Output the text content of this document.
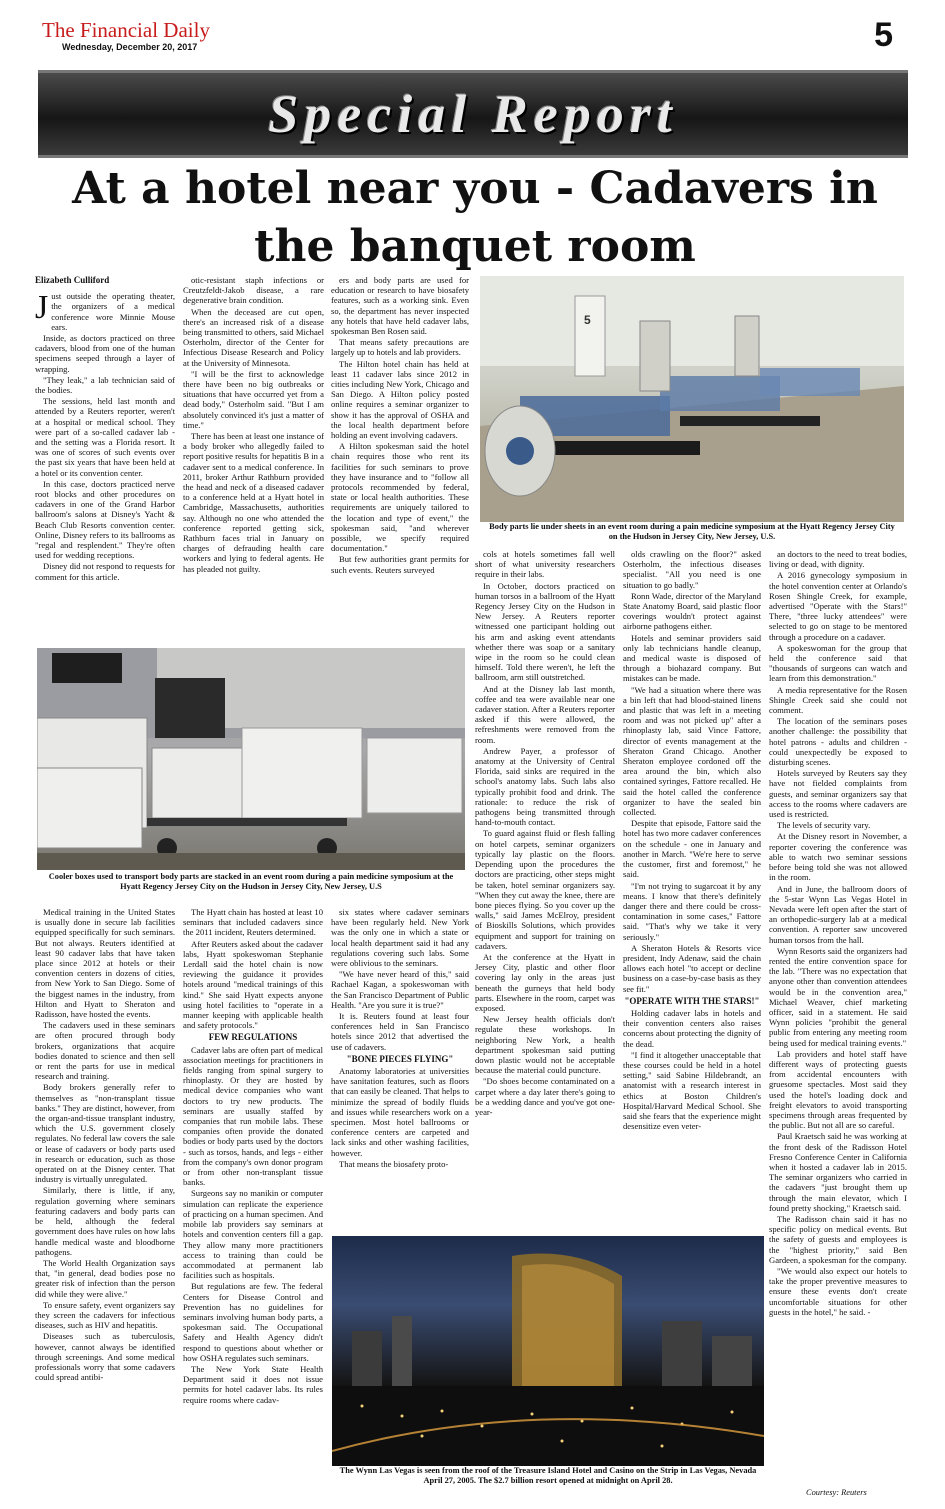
The Financial Daily
Wednesday, December 20, 2017	5
Special Report
At a hotel near you - Cadavers in the banquet room
Elizabeth Culliford
J ust outside the operating theater, the organizers of a medical conference wore Minnie Mouse ears.

Inside, as doctors practiced on three cadavers, blood from one of the human specimens seeped through a layer of wrapping.

"They leak," a lab technician said of the bodies.

The sessions, held last month and attended by a Reuters reporter, weren't at a hospital or medical school. They were part of a so-called cadaver lab - and the setting was a Florida resort. It was one of scores of such events over the past six years that have been held at a hotel or its convention center.

In this case, doctors practiced nerve root blocks and other procedures on cadavers in one of the Grand Harbor ballroom's salons at Disney's Yacht & Beach Club Resorts convention center. Online, Disney refers to its ballrooms as "regal and resplendent." They're often used for wedding receptions.

Disney did not respond to requests for comment for this article.

otic-resistant staph infections or Creutzfeldt-Jakob disease, a rare degenerative brain condition.

When the deceased are cut open, there's an increased risk of a disease being transmitted to others, said Michael Osterholm, director of the Center for Infectious Disease Research and Policy at the University of Minnesota.

"I will be the first to acknowledge there have been no big outbreaks or situations that have occurred yet from a dead body," Osterholm said. "But I am absolutely convinced it's just a matter of time."

There has been at least one instance of a body broker who allegedly failed to report positive results for hepatitis B in a cadaver sent to a medical conference. In 2011, broker Arthur Rathburn provided the head and neck of a diseased cadaver to a conference held at a Hyatt hotel in Cambridge, Massachusetts, authorities say. Although no one who attended the conference reported getting sick, Rathburn faces trial in January on charges of defrauding health care workers and lying to federal agents. He has pleaded not guilty.

ers and body parts are used for education or research to have biosafety features, such as a working sink. Even so, the department has never inspected any hotels that have held cadaver labs, spokesman Ben Rosen said.

That means safety precautions are largely up to hotels and lab providers.

The Hilton hotel chain has held at least 11 cadaver labs since 2012 in cities including New York, Chicago and San Diego. A Hilton policy posted online requires a seminar organizer to show it has the approval of OSHA and the local health department before holding an event involving cadavers.

A Hilton spokesman said the hotel chain requires those who rent its facilities for such seminars to prove they have insurance and to "follow all protocols recommended by federal, state or local health authorities. These requirements are uniquely tailored to the location and type of event," the spokesman said, "and wherever possible, we specify required documentation."

But few authorities grant permits for such events. Reuters surveyed

5
Body parts lie under sheets in an event room during a pain medicine symposium at the Hyatt Regency Jersey City on the Hudson in Jersey City, New Jersey, U.S.

cols at hotels sometimes fall well short of what university researchers require in their labs.

In October, doctors practiced on human torsos in a ballroom of the Hyatt Regency Jersey City on the Hudson in New Jersey. A Reuters reporter witnessed one participant holding out his arm and asking event attendants whether there was soap or a sanitary wipe in the room so he could clean himself. Told there weren't, he left the ballroom, arm still outstretched.

And at the Disney lab last month, coffee and tea were available near one cadaver station. After a Reuters reporter asked if this were allowed, the refreshments were removed from the room.

Andrew Payer, a professor of anatomy at the University of Central Florida, said sinks are required in the school's anatomy labs. Such labs also typically prohibit food and drink. The rationale: to reduce the risk of pathogens being transmitted through hand-to-mouth contact.

To guard against fluid or flesh falling on hotel carpets, seminar organizers typically lay plastic on the floors. Depending upon the procedures the doctors are practicing, other steps might be taken, hotel seminar organizers say. "When they cut away the knee, there are bone pieces flying. So you cover up the walls," said James McElroy, president of Bioskills Solutions, which provides equipment and support for training on cadavers.

At the conference at the Hyatt in Jersey City, plastic and other floor covering lay only in the areas just beneath the gurneys that held body parts. Elsewhere in the room, carpet was exposed.

New Jersey health officials don't regulate these workshops. In neighboring New York, a health department spokesman said putting down plastic would not be acceptable because the material could puncture.

"Do shoes become contaminated on a carpet where a day later there's going to be a wedding dance and you've got one-year-

olds crawling on the floor?" asked Osterholm, the infectious diseases specialist. "All you need is one situation to go badly."

Ronn Wade, director of the Maryland State Anatomy Board, said plastic floor coverings wouldn't protect against airborne pathogens either.

Hotels and seminar providers said only lab technicians handle cleanup, and medical waste is disposed of through a biohazard company. But mistakes can be made.

"We had a situation where there was a bin left that had blood-stained linens and plastic that was left in a meeting room and was not picked up" after a rhinoplasty lab, said Vince Fattore, director of events management at the Sheraton Grand Chicago. Another Sheraton employee cordoned off the area around the bin, which also contained syringes, Fattore recalled. He said the hotel called the conference organizer to have the sealed bin collected.

Despite that episode, Fattore said the hotel has two more cadaver conferences on the schedule - one in January and another in March. "We're here to serve the customer, first and foremost," he said.

"I'm not trying to sugarcoat it by any means. I know that there's definitely danger there and there could be cross-contamination in some cases," Fattore said. "That's why we take it very seriously."

A Sheraton Hotels & Resorts vice president, Indy Adenaw, said the chain allows each hotel "to accept or decline business on a case-by-case basis as they see fit."

"OPERATE WITH THE STARS!"

Holding cadaver labs in hotels and their convention centers also raises concerns about protecting the dignity of the dead.

"I find it altogether unacceptable that these courses could be held in a hotel setting," said Sabine Hildebrandt, an anatomist with a research interest in ethics at Boston Children's Hospital/Harvard Medical School. She said she fears that the experience might desensitize even veter-

an doctors to the need to treat bodies, living or dead, with dignity.

A 2016 gynecology symposium in the hotel convention center at Orlando's Rosen Shingle Creek, for example, advertised "Operate with the Stars!" There, "three lucky attendees" were selected to go on stage to be mentored through a procedure on a cadaver.

A spokeswoman for the group that held the conference said that "thousands of surgeons can watch and learn from this demonstration."

A media representative for the Rosen Shingle Creek said she could not comment.

The location of the seminars poses another challenge: the possibility that hotel patrons - adults and children - could unexpectedly be exposed to disturbing scenes.

Hotels surveyed by Reuters say they have not fielded complaints from guests, and seminar organizers say that access to the rooms where cadavers are used is restricted.

The levels of security vary.

At the Disney resort in November, a reporter covering the conference was able to watch two seminar sessions before being told she was not allowed in the room.

And in June, the ballroom doors of the 5-star Wynn Las Vegas Hotel in Nevada were left open after the start of an orthopedic-surgery lab at a medical convention. A reporter saw uncovered human torsos from the hall.

Wynn Resorts said the organizers had rented the entire convention space for the lab. "There was no expectation that anyone other than convention attendees would be in the convention area," Michael Weaver, chief marketing officer, said in a statement. He said Wynn policies "prohibit the general public from entering any meeting room being used for medical training events."

Lab providers and hotel staff have different ways of protecting guests from accidental encounters with gruesome spectacles. Most said they used the hotel's loading dock and freight elevators to avoid transporting specimens through areas frequented by the public. But not all are so careful.

Paul Kraetsch said he was working at the front desk of the Radisson Hotel Fresno Conference Center in California when it hosted a cadaver lab in 2015. The seminar organizers who carried in the cadavers "just brought them up through the main elevator, which I found pretty shocking," Kraetsch said.

The Radisson chain said it has no specific policy on medical events. But the safety of guests and employees is the "highest priority," said Ben Gardeen, a spokesman for the company.

"We would also expect our hotels to take the proper preventive measures to ensure these events don't create uncomfortable situations for other guests in the hotel," he said. -

Courtesy: Reuters
Cooler boxes used to transport body parts are stacked in an event room during a pain medicine symposium at the Hyatt Regency Jersey City on the Hudson in Jersey City, New Jersey, U.S

Medical training in the United States is usually done in secure lab facilities equipped specifically for such seminars. But not always. Reuters identified at least 90 cadaver labs that have taken place since 2012 at hotels or their convention centers in dozens of cities, from New York to San Diego. Some of the biggest names in the industry, from Hilton and Hyatt to Sheraton and Radisson, have hosted the events.

The cadavers used in these seminars are often procured through body brokers, organizations that acquire bodies donated to science and then sell or rent the parts for use in medical research and training.

Body brokers generally refer to themselves as "non-transplant tissue banks." They are distinct, however, from the organ-and-tissue transplant industry, which the U.S. government closely regulates. No federal law covers the sale or lease of cadavers or body parts used in research or education, such as those operated on at the Disney center. That industry is virtually unregulated.

Similarly, there is little, if any, regulation governing where seminars featuring cadavers and body parts can be held, although the federal government does have rules on how labs handle medical waste and bloodborne pathogens.

The World Health Organization says that, "in general, dead bodies pose no greater risk of infection than the person did while they were alive."

To ensure safety, event organizers say they screen the cadavers for infectious diseases, such as HIV and hepatitis.

Diseases such as tuberculosis, however, cannot always be identified through screenings. And some medical professionals worry that some cadavers could spread antibi-

The Hyatt chain has hosted at least 10 seminars that included cadavers since the 2011 incident, Reuters determined.

After Reuters asked about the cadaver labs, Hyatt spokeswoman Stephanie Lerdall said the hotel chain is now reviewing the guidance it provides hotels around "medical trainings of this kind." She said Hyatt expects anyone using hotel facilities to "operate in a manner keeping with applicable health and safety protocols."

FEW REGULATIONS

Cadaver labs are often part of medical association meetings for practitioners in fields ranging from spinal surgery to rhinoplasty. Or they are hosted by medical device companies who want doctors to try new products. The seminars are usually staffed by companies that run mobile labs. These companies often provide the donated bodies or body parts used by the doctors - such as torsos, hands, and legs - either from the company's own donor program or from other non-transplant tissue banks.

Surgeons say no manikin or computer simulation can replicate the experience of practicing on a human specimen. And mobile lab providers say seminars at hotels and convention centers fill a gap. They allow many more practitioners access to training than could be accommodated at permanent lab facilities such as hospitals.

But regulations are few. The federal Centers for Disease Control and Prevention has no guidelines for seminars involving human body parts, a spokesman said. The Occupational Safety and Health Agency didn't respond to questions about whether or how OSHA regulates such seminars.

The New York State Health Department said it does not issue permits for hotel cadaver labs. Its rules require rooms where cadav-

six states where cadaver seminars have been regularly held. New York was the only one in which a state or local health department said it had any regulations covering such labs. Some were oblivious to the seminars.

"We have never heard of this," said Rachael Kagan, a spokeswoman with the San Francisco Department of Public Health. "Are you sure it is true?"

It is. Reuters found at least four conferences held in San Francisco hotels since 2012 that advertised the use of cadavers.

"BONE PIECES FLYING"

Anatomy laboratories at universities have sanitation features, such as floors that can easily be cleaned. That helps to minimize the spread of bodily fluids and issues while researchers work on a specimen. Most hotel ballrooms or conference centers are carpeted and lack sinks and other washing facilities, however.

That means the biosafety proto-

The Wynn Las Vegas is seen from the roof of the Treasure Island Hotel and Casino on the Strip in Las Vegas, Nevada April 27, 2005. The $2.7 billion resort opened at midnight on April 28.
